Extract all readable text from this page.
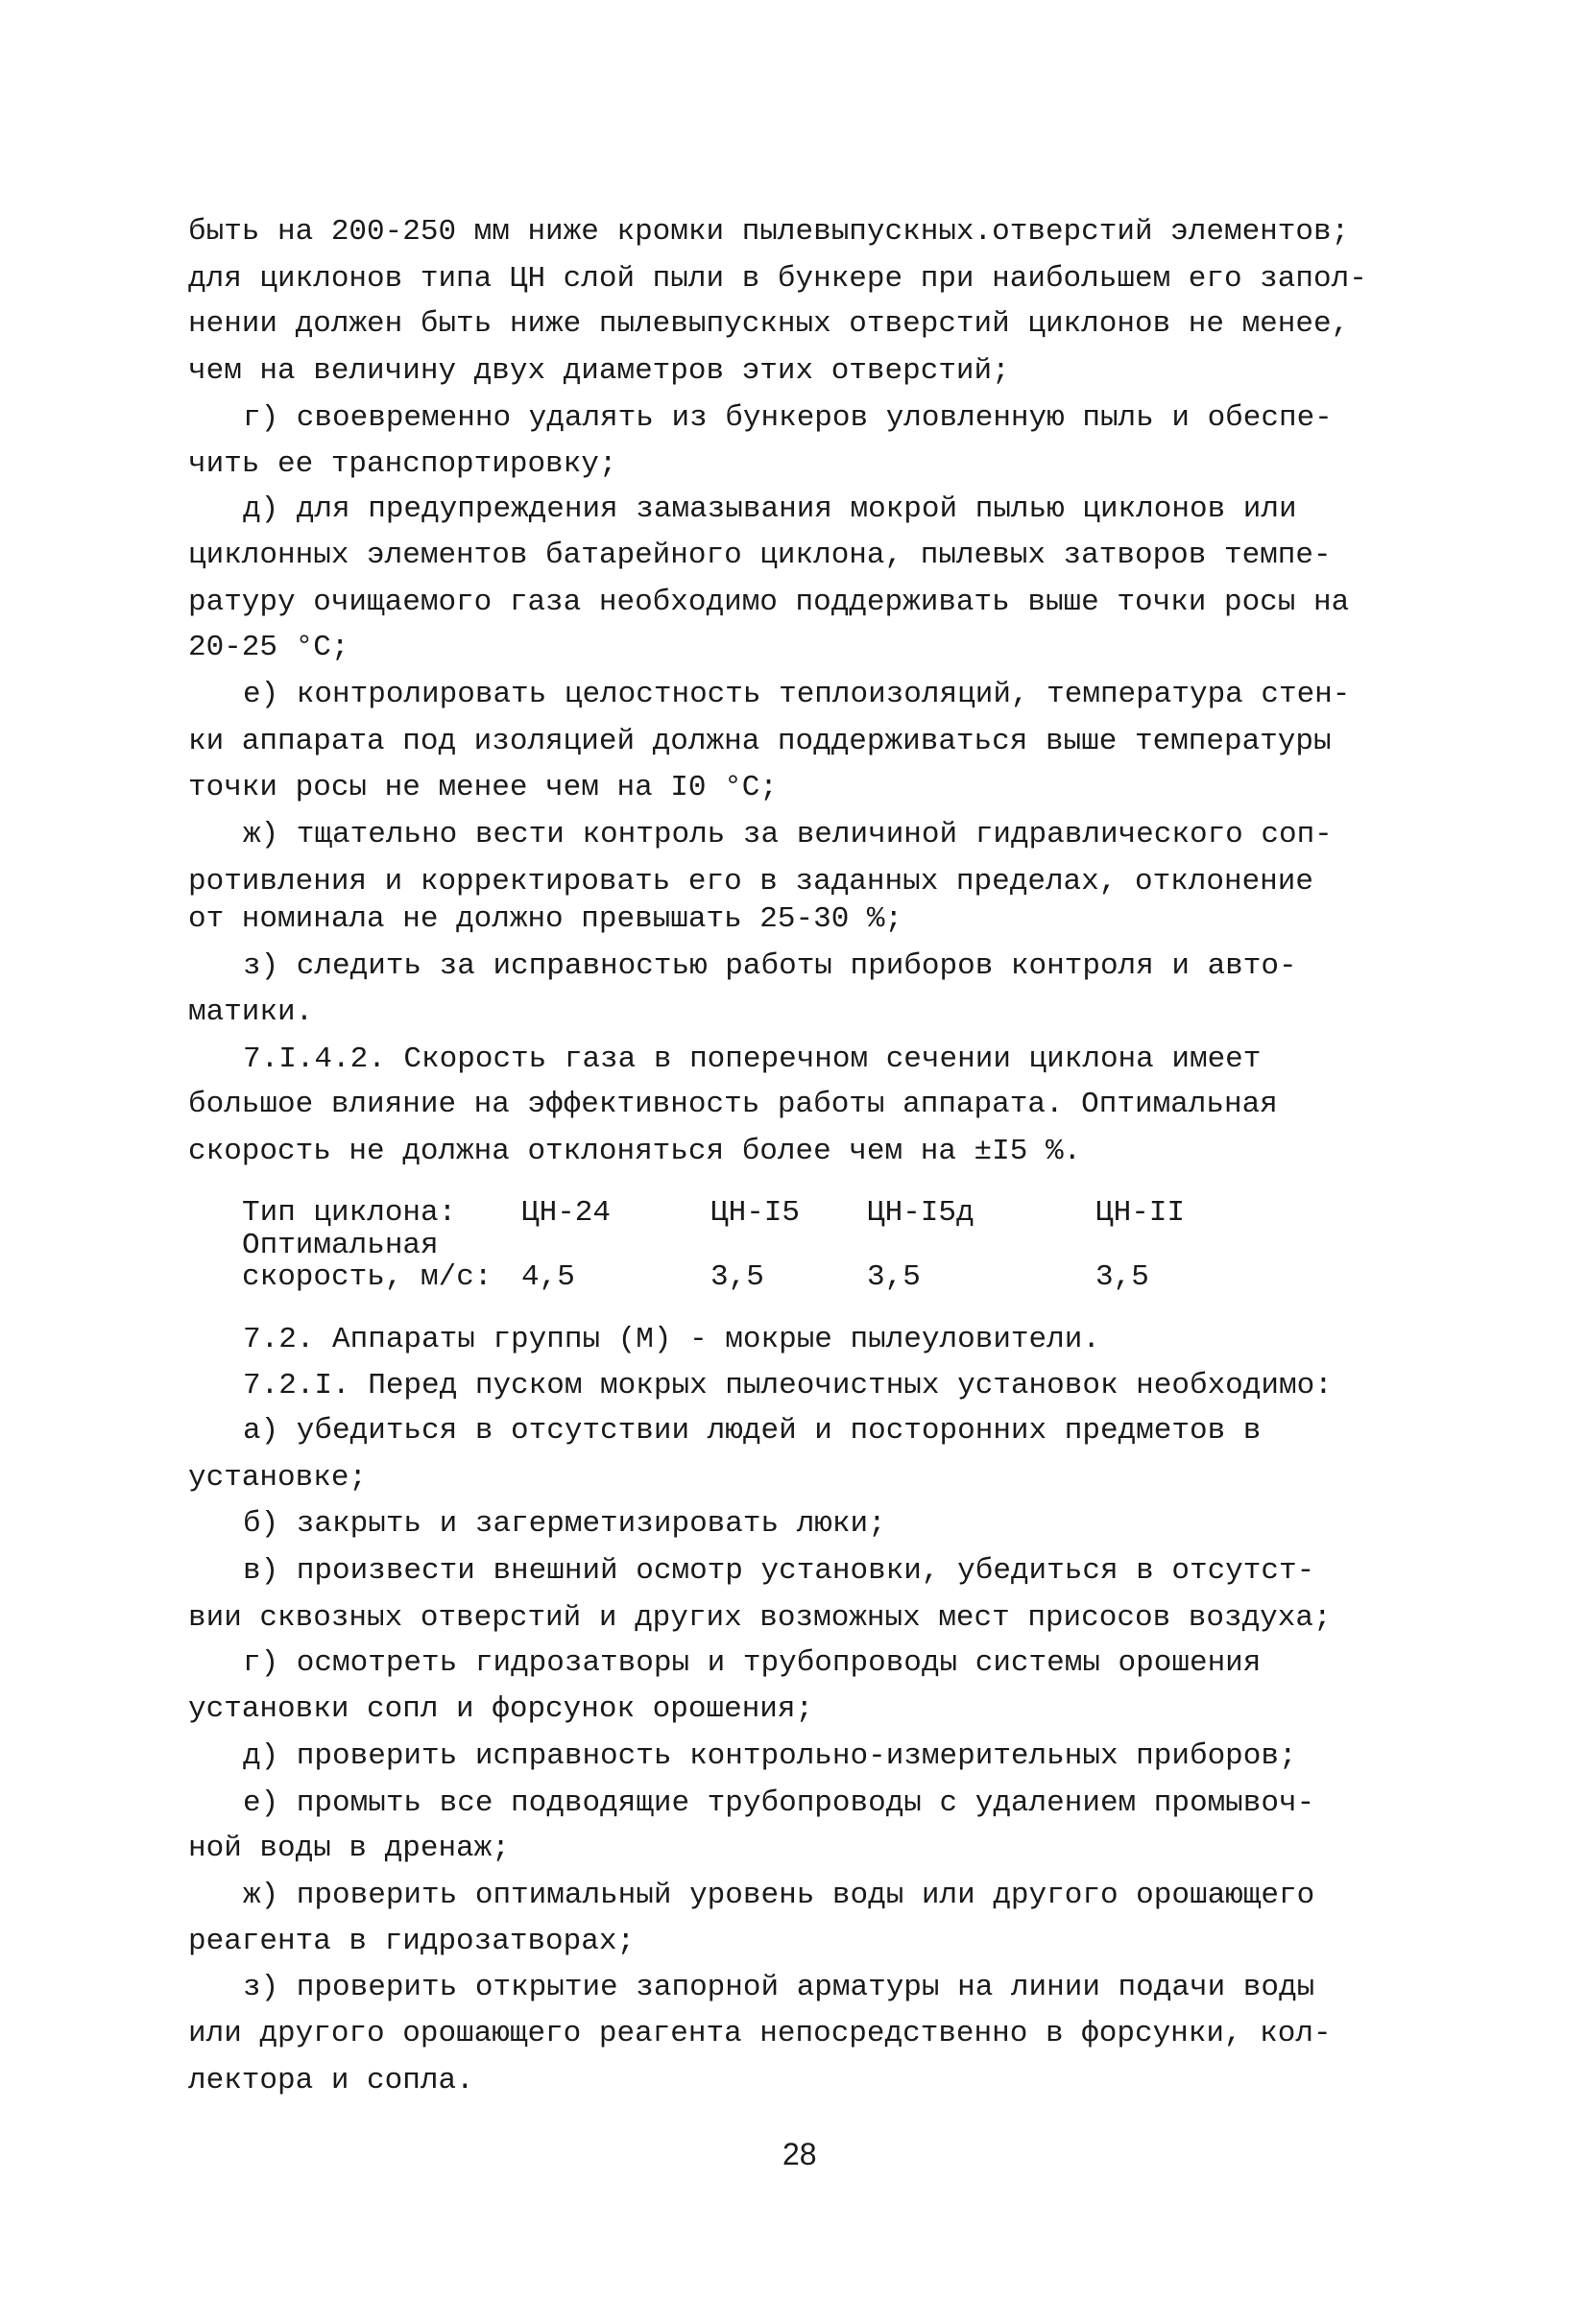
быть на 200-250 мм ниже кромки пылевыпускных.отверстий элементов;
для циклонов типа ЦН слой пыли в бункере при наибольшем его запол-
нении должен быть ниже пылевыпускных отверстий циклонов не менее,
чем на величину двух диаметров этих отверстий;
г) своевременно удалять из бункеров уловленную пыль и обеспе-
чить ее транспортировку;
д) для предупреждения замазывания мокрой пылью циклонов или
циклонных элементов батарейного циклона, пылевых затворов темпе-
ратуру очищаемого газа необходимо поддерживать выше точки росы на
20-25 °С;
е) контролировать целостность теплоизоляций, температура стен-
ки аппарата под изоляцией должна поддерживаться выше температуры
точки росы не менее чем на I0 °С;
ж) тщательно вести контроль за величиной гидравлического соп-
ротивления и корректировать его в заданных пределах, отклонение
от номинала не должно превышать 25-30 %;
з) следить за исправностью работы приборов контроля и авто-
матики.
7.I.4.2. Скорость газа в поперечном сечении циклона имеет
большое влияние на эффективность работы аппарата. Оптимальная
скорость не должна отклоняться более чем на ±I5 %.
7.2. Аппараты группы (М) - мокрые пылеуловители.
7.2.I. Перед пуском мокрых пылеочистных установок необходимо:
а) убедиться в отсутствии людей и посторонних предметов в
установке;
б) закрыть и загерметизировать люки;
в) произвести внешний осмотр установки, убедиться в отсутст-
вии сквозных отверстий и других возможных мест присосов воздуха;
г) осмотреть гидрозатворы и трубопроводы системы орошения
установки сопл и форсунок орошения;
д) проверить исправность контрольно-измерительных приборов;
е) промыть все подводящие трубопроводы с удалением промывоч-
ной воды в дренаж;
ж) проверить оптимальный уровень воды или другого орошающего
реагента в гидрозатворах;
з) проверить открытие запорной арматуры на линии подачи воды
или другого орошающего реагента непосредственно в форсунки, кол-
лектора и сопла.
Тип циклона:
Оптимальная
скорость, м/с:
ЦН-24
4,5
ЦН-I5
3,5
ЦН-I5д
3,5
ЦН-II
3,5
28
